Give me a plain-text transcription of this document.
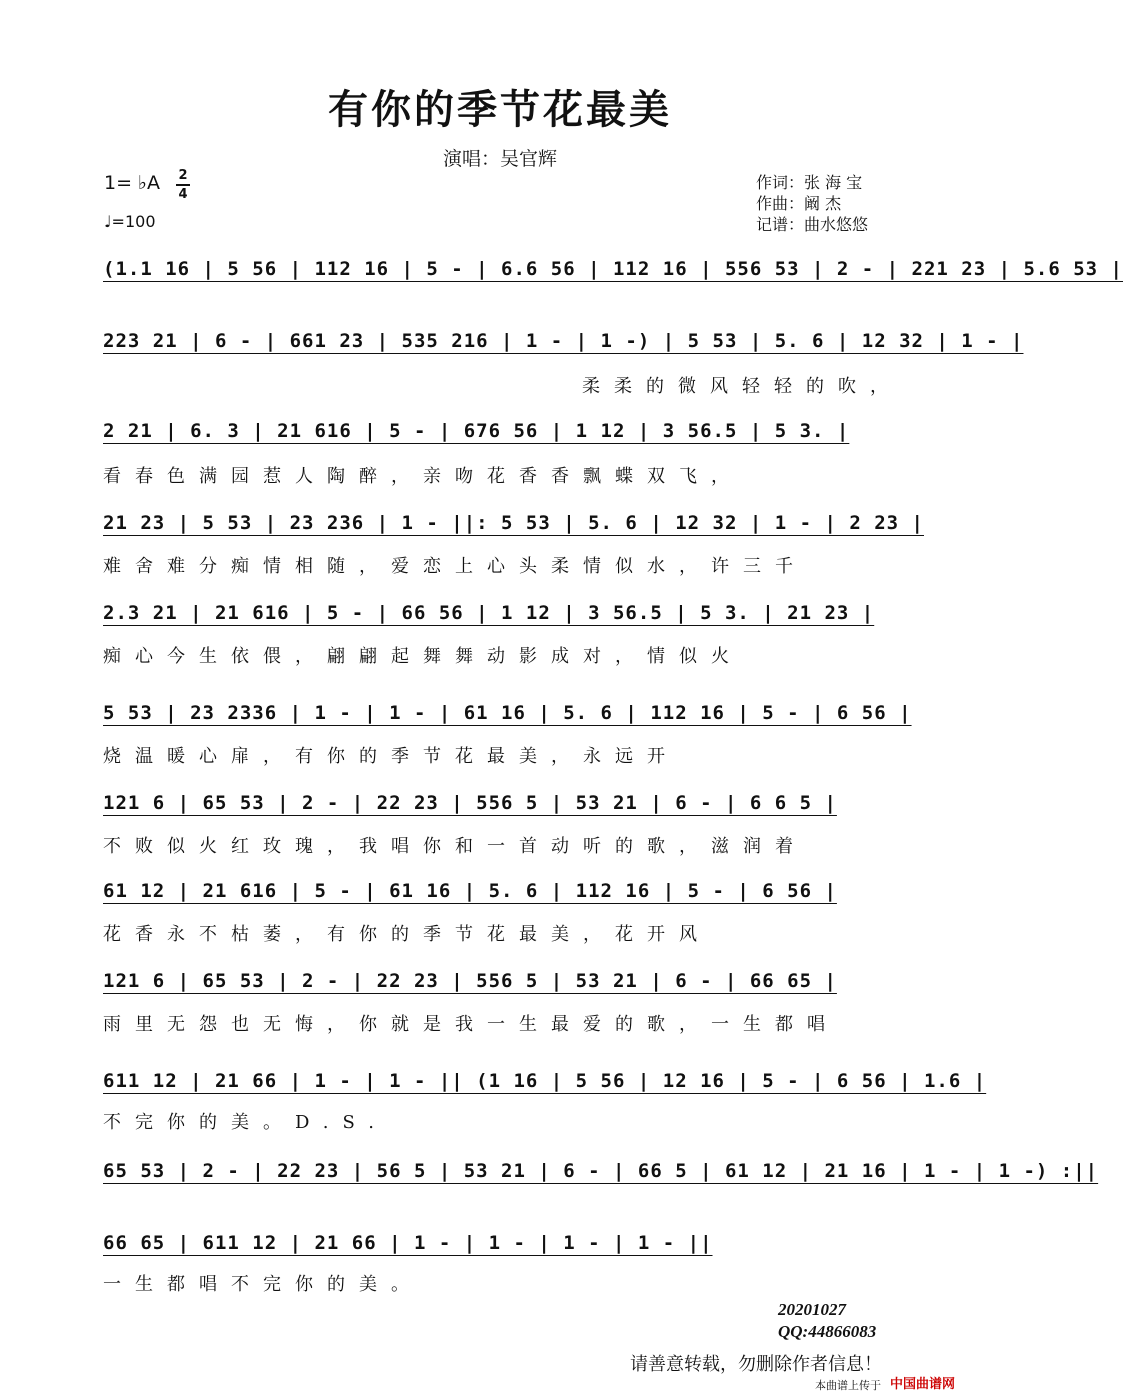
有你的季节花最美
演唱：吴官辉
1= ♭A 2
4
♩=100
作词：张 海 宝
作曲：阚 杰
记谱：曲水悠悠
(1.1 16 | 5 56 | 112 16 | 5 - | 6.6 56 | 112 16 | 556 53 | 2 - | 221 23 | 5.6 53 |
223 21 | 6 - | 661 23 | 535 216 | 1 - | 1 -) | 5 53 | 5. 6 | 12 32 | 1 - |
柔柔的微风轻轻的吹，
2 21 | 6. 3 | 21 616 | 5 - | 676 56 | 1 12 | 3 56.5 | 5 3. |
看春色满园惹人陶醉，亲吻花香香飘蝶双飞，
21 23 | 5 53 | 23 236 | 1 - ||: 5 53 | 5. 6 | 12 32 | 1 - | 2 23 |
难舍难分痴情相随，爱恋上心头柔情似水，许三千
2.3 21 | 21 616 | 5 - | 66 56 | 1 12 | 3 56.5 | 5 3. | 21 23 |
痴心今生依偎，翩翩起舞舞动影成对，情似火
5 53 | 23 2336 | 1 - | 1 - | 61 16 | 5. 6 | 112 16 | 5 - | 6 56 |
烧温暖心扉，有你的季节花最美，永远开
121 6 | 65 53 | 2 - | 22 23 | 556 5 | 53 21 | 6 - | 6 6 5 |
不败似火红玫瑰，我唱你和一首动听的歌，滋润着
61 12 | 21 616 | 5 - | 61 16 | 5. 6 | 112 16 | 5 - | 6 56 |
花香永不枯萎，有你的季节花最美，花开风
121 6 | 65 53 | 2 - | 22 23 | 556 5 | 53 21 | 6 - | 66 65 |
雨里无怨也无悔，你就是我一生最爱的歌，一生都唱
611 12 | 21 66 | 1 - | 1 - || (1 16 | 5 56 | 12 16 | 5 - | 6 56 | 1.6 |
不完你的美。D.S.
65 53 | 2 - | 22 23 | 56 5 | 53 21 | 6 - | 66 5 | 61 12 | 21 16 | 1 - | 1 -) :||
66 65 | 611 12 | 21 66 | 1 - | 1 - | 1 - | 1 - ||
一生都唱不完你的美。
20201027
QQ:44866083
请善意转载，勿删除作者信息！
本曲谱上传于 中国曲谱网
